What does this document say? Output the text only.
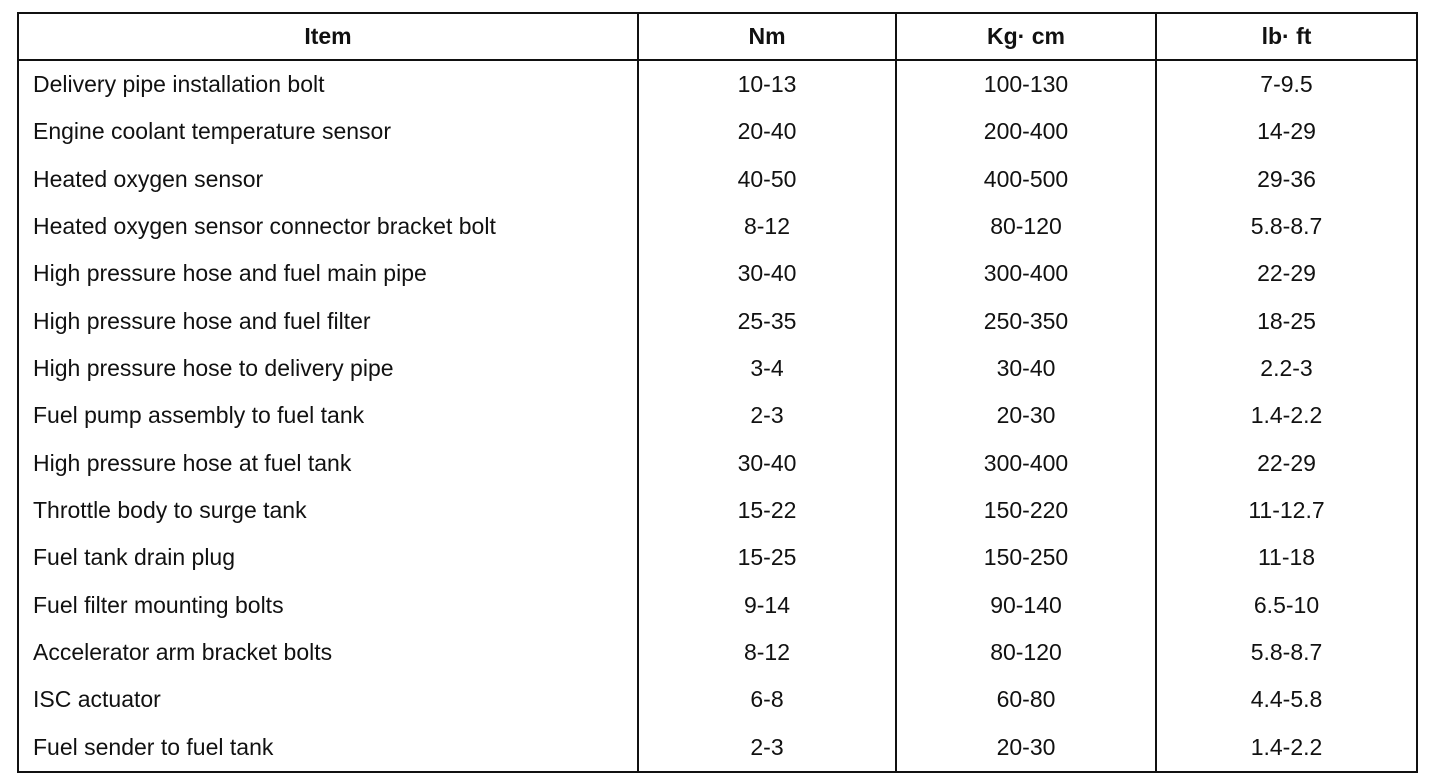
Item	Nm	Kg· cm	lb· ft
Delivery pipe installation bolt	10-13	100-130	7-9.5
Engine coolant temperature sensor	20-40	200-400	14-29
Heated oxygen sensor	40-50	400-500	29-36
Heated oxygen sensor connector bracket bolt	8-12	80-120	5.8-8.7
High pressure hose and fuel main pipe	30-40	300-400	22-29
High pressure hose and fuel filter	25-35	250-350	18-25
High pressure hose to delivery pipe	3-4	30-40	2.2-3
Fuel pump assembly to fuel tank	2-3	20-30	1.4-2.2
High pressure hose at fuel tank	30-40	300-400	22-29
Throttle body to surge tank	15-22	150-220	11-12.7
Fuel tank drain plug	15-25	150-250	11-18
Fuel filter mounting bolts	9-14	90-140	6.5-10
Accelerator arm bracket bolts	8-12	80-120	5.8-8.7
ISC actuator	6-8	60-80	4.4-5.8
Fuel sender to fuel tank	2-3	20-30	1.4-2.2
